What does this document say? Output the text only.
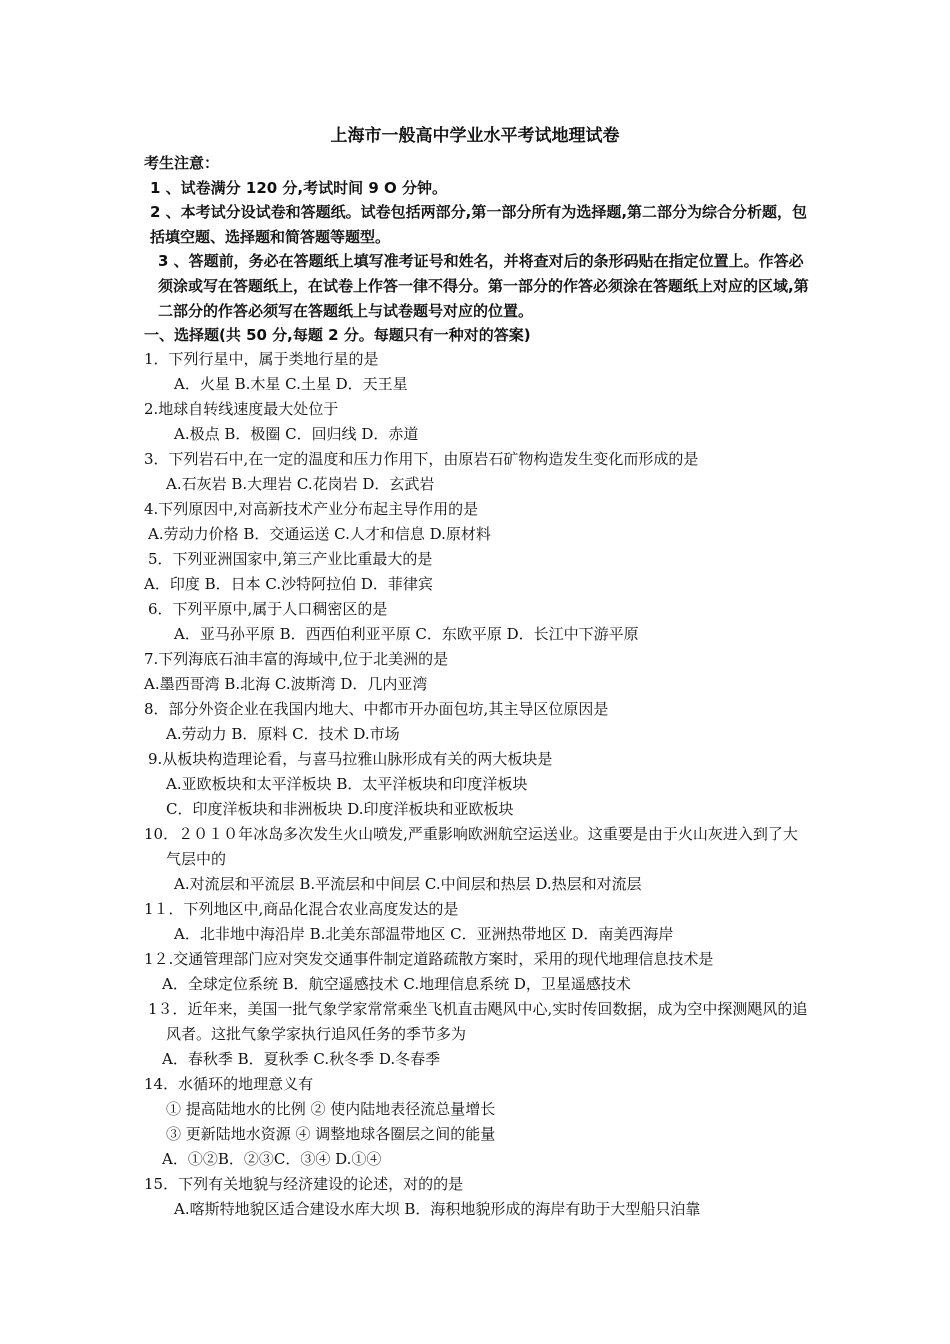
上海市一般高中学业水平考试地理试卷

考生注意：

1 、试卷满分 120 分,考试时间 9 O 分钟。

2 、本考试分设试卷和答题纸。试卷包括两部分,第一部分所有为选择题,第二部分为综合分析题，包括填空题、选择题和简答题等题型。

3 、答题前，务必在答题纸上填写准考证号和姓名，并将查对后的条形码贴在指定位置上。作答必须涂或写在答题纸上，在试卷上作答一律不得分。第一部分的作答必须涂在答题纸上对应的区域,第二部分的作答必须写在答题纸上与试卷题号对应的位置。

一、选择题(共 50 分,每题 2 分。每题只有一种对的答案)

1．下列行星中，属于类地行星的是

A．火星 B.木星 C.土星 D．天王星

2.地球自转线速度最大处位于

A.极点 B．极圈 C．回归线 D．赤道

3．下列岩石中,在一定的温度和压力作用下，由原岩石矿物构造发生变化而形成的是

A.石灰岩 B.大理岩 C.花岗岩 D．玄武岩

4.下列原因中,对高新技术产业分布起主导作用的是

A.劳动力价格 B．交通运送 C.人才和信息 D.原材料

5．下列亚洲国家中,第三产业比重最大的是

A．印度 B．日本 C.沙特阿拉伯 D．菲律宾

6．下列平原中,属于人口稠密区的是

A．亚马孙平原 B．西西伯利亚平原 C．东欧平原 D．长江中下游平原

7.下列海底石油丰富的海域中,位于北美洲的是

A.墨西哥湾 B.北海 C.波斯湾 D．几内亚湾

8．部分外资企业在我国内地大、中都市开办面包坊,其主导区位原因是

A.劳动力 B．原料 C．技术 D.市场

9.从板块构造理论看，与喜马拉雅山脉形成有关的两大板块是

A.亚欧板块和太平洋板块 B．太平洋板块和印度洋板块

C．印度洋板块和非洲板块 D.印度洋板块和亚欧板块

10．２０１０年冰岛多次发生火山喷发,严重影响欧洲航空运送业。这重要是由于火山灰进入到了大气层中的

A.对流层和平流层 B.平流层和中间层 C.中间层和热层 D.热层和对流层

1１．下列地区中,商品化混合农业高度发达的是

A．北非地中海沿岸 B.北美东部温带地区 C．亚洲热带地区 D．南美西海岸

1２.交通管理部门应对突发交通事件制定道路疏散方案时，采用的现代地理信息技术是

A．全球定位系统 B．航空遥感技术 C.地理信息系统 D，卫星遥感技术

1３．近年来，美国一批气象学家常常乘坐飞机直击飓风中心,实时传回数据，成为空中探测飓风的追风者。这批气象学家执行追风任务的季节多为

A．春秋季 B．夏秋季 C.秋冬季 D.冬春季

14．水循环的地理意义有

① 提高陆地水的比例 ② 使内陆地表径流总量增长

③ 更新陆地水资源 ④ 调整地球各圈层之间的能量

A．①②B．②③C．③④ D.①④

15．下列有关地貌与经济建设的论述，对的的是

A.喀斯特地貌区适合建设水库大坝 B．海积地貌形成的海岸有助于大型船只泊靠
